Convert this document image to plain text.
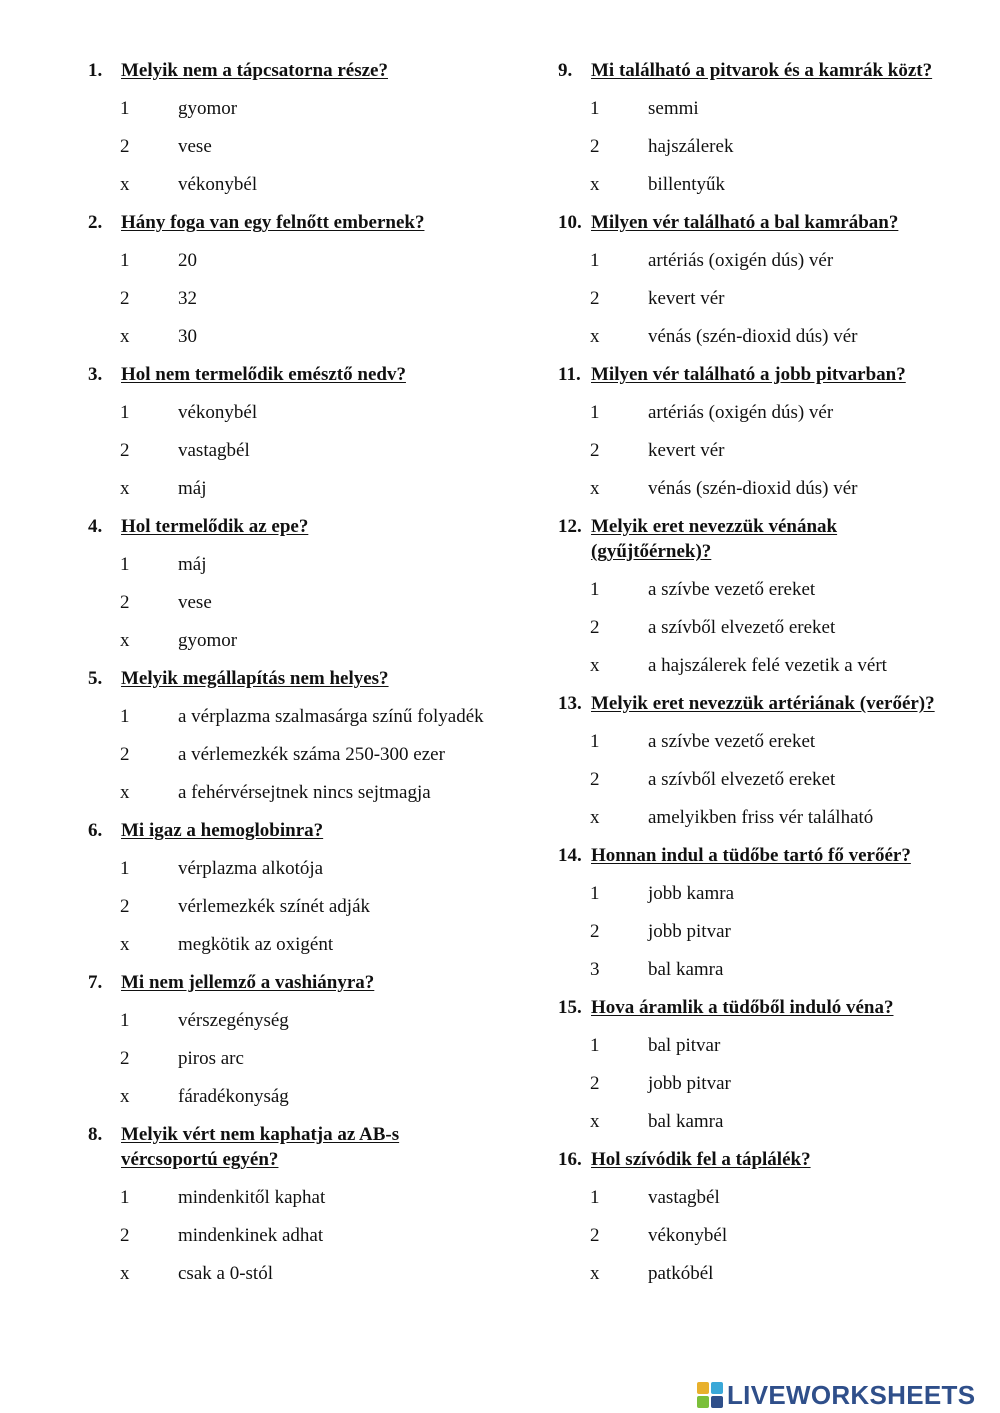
1. Melyik nem a tápcsatorna része?
1	gyomor
2	vese
x	vékonybél
2. Hány foga van egy felnőtt embernek?
1	20
2	32
x	30
3. Hol nem termelődik emésztő nedv?
1	vékonybél
2	vastagbél
x	máj
4. Hol termelődik az epe?
1	máj
2	vese
x	gyomor
5. Melyik megállapítás nem helyes?
1	a vérplazma szalmasárga színű folyadék
2	a vérlemezkék száma 250-300 ezer
x	a fehérvérsejtnek nincs sejtmagja
6. Mi igaz a hemoglobinra?
1	vérplazma alkotója
2	vérlemezkék színét adják
x	megkötik az oxigént
7. Mi nem jellemző a vashiányra?
1	vérszegénység
2	piros arc
x	fáradékonyság
8. Melyik vért nem kaphatja az AB-s vércsoportú egyén?
1	mindenkitől kaphat
2	mindenkinek adhat
x	csak a 0-stól
9. Mi található a pitvarok és a kamrák közt?
1	semmi
2	hajszálerek
x	billentyűk
10. Milyen vér található a bal kamrában?
1	artériás (oxigén dús) vér
2	kevert vér
x	vénás (szén-dioxid dús) vér
11. Milyen vér található a jobb pitvarban?
1	artériás (oxigén dús) vér
2	kevert vér
x	vénás (szén-dioxid dús) vér
12. Melyik eret nevezzük vénának (gyűjtőérnek)?
1	a szívbe vezető ereket
2	a szívből elvezető ereket
x	a hajszálerek felé vezetik a vért
13. Melyik eret nevezzük artériának (verőér)?
1	a szívbe vezető ereket
2	a szívből elvezető ereket
x	amelyikben friss vér található
14. Honnan indul a tüdőbe tartó fő verőér?
1	jobb kamra
2	jobb pitvar
3	bal kamra
15. Hova áramlik a tüdőből induló véna?
1	bal pitvar
2	jobb pitvar
x	bal kamra
16. Hol szívódik fel a táplálék?
1	vastagbél
2	vékonybél
x	patkóbél
LIVEWORKSHEETS
